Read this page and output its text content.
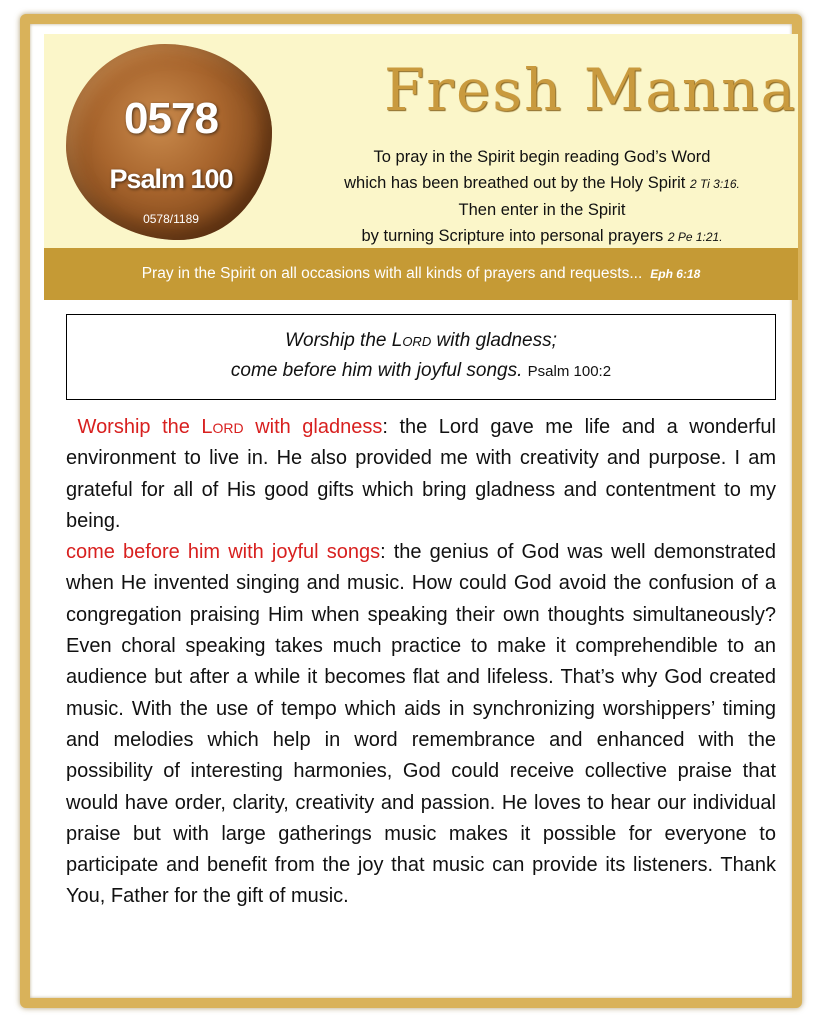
0578
Psalm 100
0578/1189
Fresh Manna
To pray in the Spirit begin reading God’s Word
which has been breathed out by the Holy Spirit 2 Ti 3:16.
Then enter in the Spirit
by turning Scripture into personal prayers 2 Pe 1:21.
Pray in the Spirit on all occasions with all kinds of prayers and requests... Eph 6:18
Worship the Lord with gladness;
come before him with joyful songs. Psalm 100:2

Worship the Lord with gladness: the Lord gave me life and a wonderful environment to live in. He also provided me with creativity and purpose. I am grateful for all of His good gifts which bring gladness and contentment to my being.

come before him with joyful songs: the genius of God was well demonstrated when He invented singing and music. How could God avoid the confusion of a congregation praising Him when speaking their own thoughts simultaneously? Even choral speaking takes much practice to make it comprehendible to an audience but after a while it becomes flat and lifeless. That’s why God created music. With the use of tempo which aids in synchronizing worshippers’ timing and melodies which help in word remembrance and enhanced with the possibility of interesting harmonies, God could receive collective praise that would have order, clarity, creativity and passion. He loves to hear our individual praise but with large gatherings music makes it possible for everyone to participate and benefit from the joy that music can provide its listeners. Thank You, Father for the gift of music.
